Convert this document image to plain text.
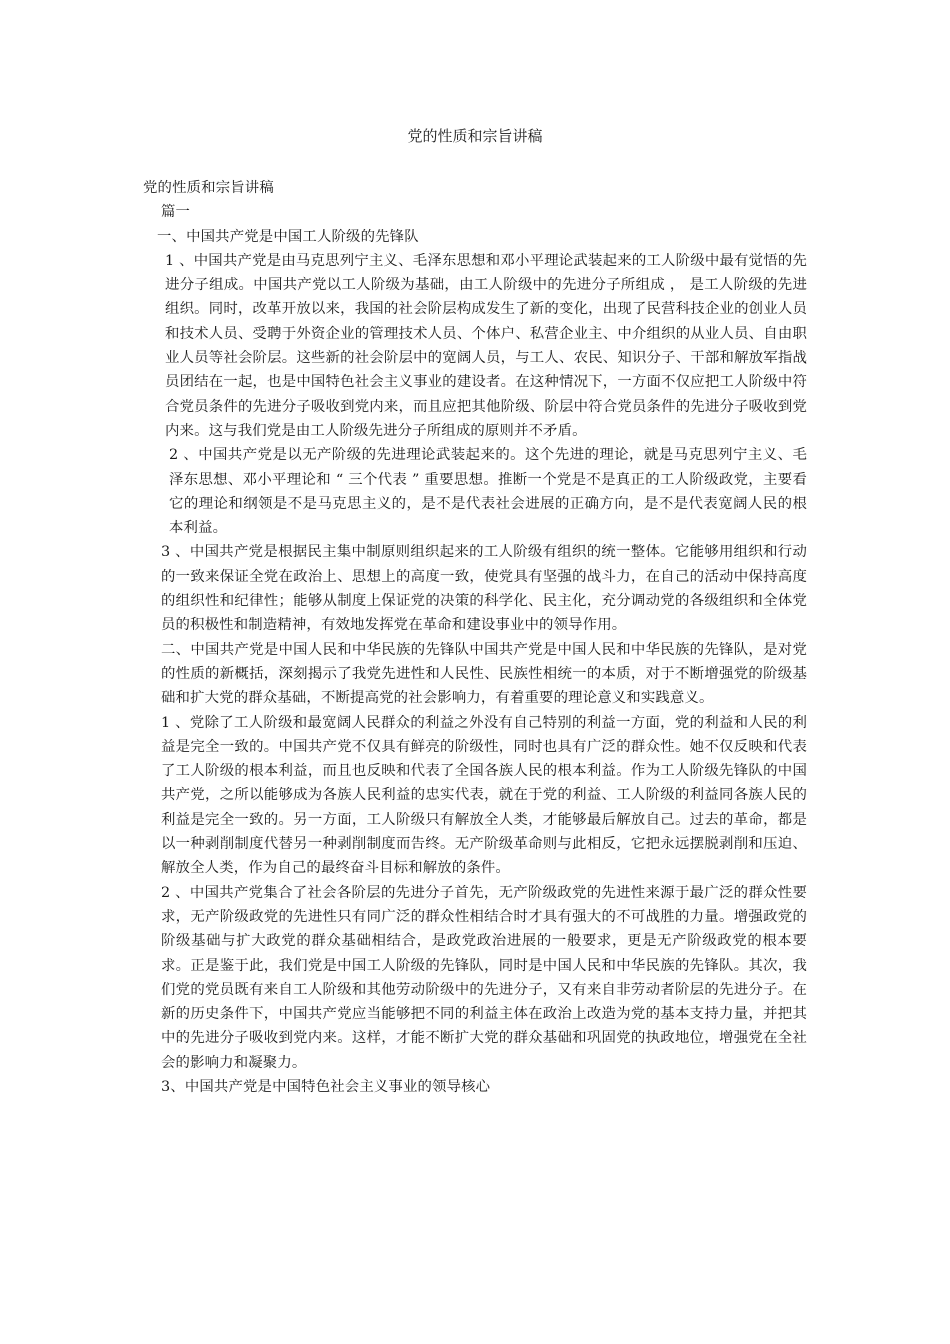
党的性质和宗旨讲稿

党的性质和宗旨讲稿

篇一

一、中国共产党是中国工人阶级的先锋队

1 、中国共产党是由马克思列宁主义、毛泽东思想和邓小平理论武装起来的工人阶级中最有觉悟的先进分子组成。中国共产党以工人阶级为基础，由工人阶级中的先进分子所组成 ， 是工人阶级的先进组织。同时，改革开放以来，我国的社会阶层构成发生了新的变化，出现了民营科技企业的创业人员和技术人员、受聘于外资企业的管理技术人员、个体户、私营企业主、中介组织的从业人员、自由职业人员等社会阶层。这些新的社会阶层中的宽阔人员，与工人、农民、知识分子、干部和解放军指战员团结在一起，也是中国特色社会主义事业的建设者。在这种情况下，一方面不仅应把工人阶级中符合党员条件的先进分子吸收到党内来，而且应把其他阶级、阶层中符合党员条件的先进分子吸收到党内来。这与我们党是由工人阶级先进分子所组成的原则并不矛盾。

2 、中国共产党是以无产阶级的先进理论武装起来的。这个先进的理论，就是马克思列宁主义、毛泽东思想、邓小平理论和 “ 三个代表 ” 重要思想。推断一个党是不是真正的工人阶级政党，主要看它的理论和纲领是不是马克思主义的，是不是代表社会进展的正确方向，是不是代表宽阔人民的根本利益。

3 、中国共产党是根据民主集中制原则组织起来的工人阶级有组织的统一整体。它能够用组织和行动的一致来保证全党在政治上、思想上的高度一致，使党具有坚强的战斗力，在自己的活动中保持高度的组织性和纪律性；能够从制度上保证党的决策的科学化、民主化，充分调动党的各级组织和全体党员的积极性和制造精神，有效地发挥党在革命和建设事业中的领导作用。

二、中国共产党是中国人民和中华民族的先锋队中国共产党是中国人民和中华民族的先锋队，是对党的性质的新概括，深刻揭示了我党先进性和人民性、民族性相统一的本质，对于不断增强党的阶级基础和扩大党的群众基础，不断提高党的社会影响力，有着重要的理论意义和实践意义。

1 、党除了工人阶级和最宽阔人民群众的利益之外没有自己特别的利益一方面，党的利益和人民的利益是完全一致的。中国共产党不仅具有鲜亮的阶级性，同时也具有广泛的群众性。她不仅反映和代表了工人阶级的根本利益，而且也反映和代表了全国各族人民的根本利益。作为工人阶级先锋队的中国共产党，之所以能够成为各族人民利益的忠实代表，就在于党的利益、工人阶级的利益同各族人民的利益是完全一致的。另一方面，工人阶级只有解放全人类，才能够最后解放自己。过去的革命，都是以一种剥削制度代替另一种剥削制度而告终。无产阶级革命则与此相反，它把永远摆脱剥削和压迫、解放全人类，作为自己的最终奋斗目标和解放的条件。

2 、中国共产党集合了社会各阶层的先进分子首先，无产阶级政党的先进性来源于最广泛的群众性要求，无产阶级政党的先进性只有同广泛的群众性相结合时才具有强大的不可战胜的力量。增强政党的阶级基础与扩大政党的群众基础相结合，是政党政治进展的一般要求，更是无产阶级政党的根本要求。正是鉴于此，我们党是中国工人阶级的先锋队，同时是中国人民和中华民族的先锋队。其次，我们党的党员既有来自工人阶级和其他劳动阶级中的先进分子，又有来自非劳动者阶层的先进分子。在新的历史条件下，中国共产党应当能够把不同的利益主体在政治上改造为党的基本支持力量，并把其中的先进分子吸收到党内来。这样，才能不断扩大党的群众基础和巩固党的执政地位，增强党在全社会的影响力和凝聚力。

3、中国共产党是中国特色社会主义事业的领导核心
